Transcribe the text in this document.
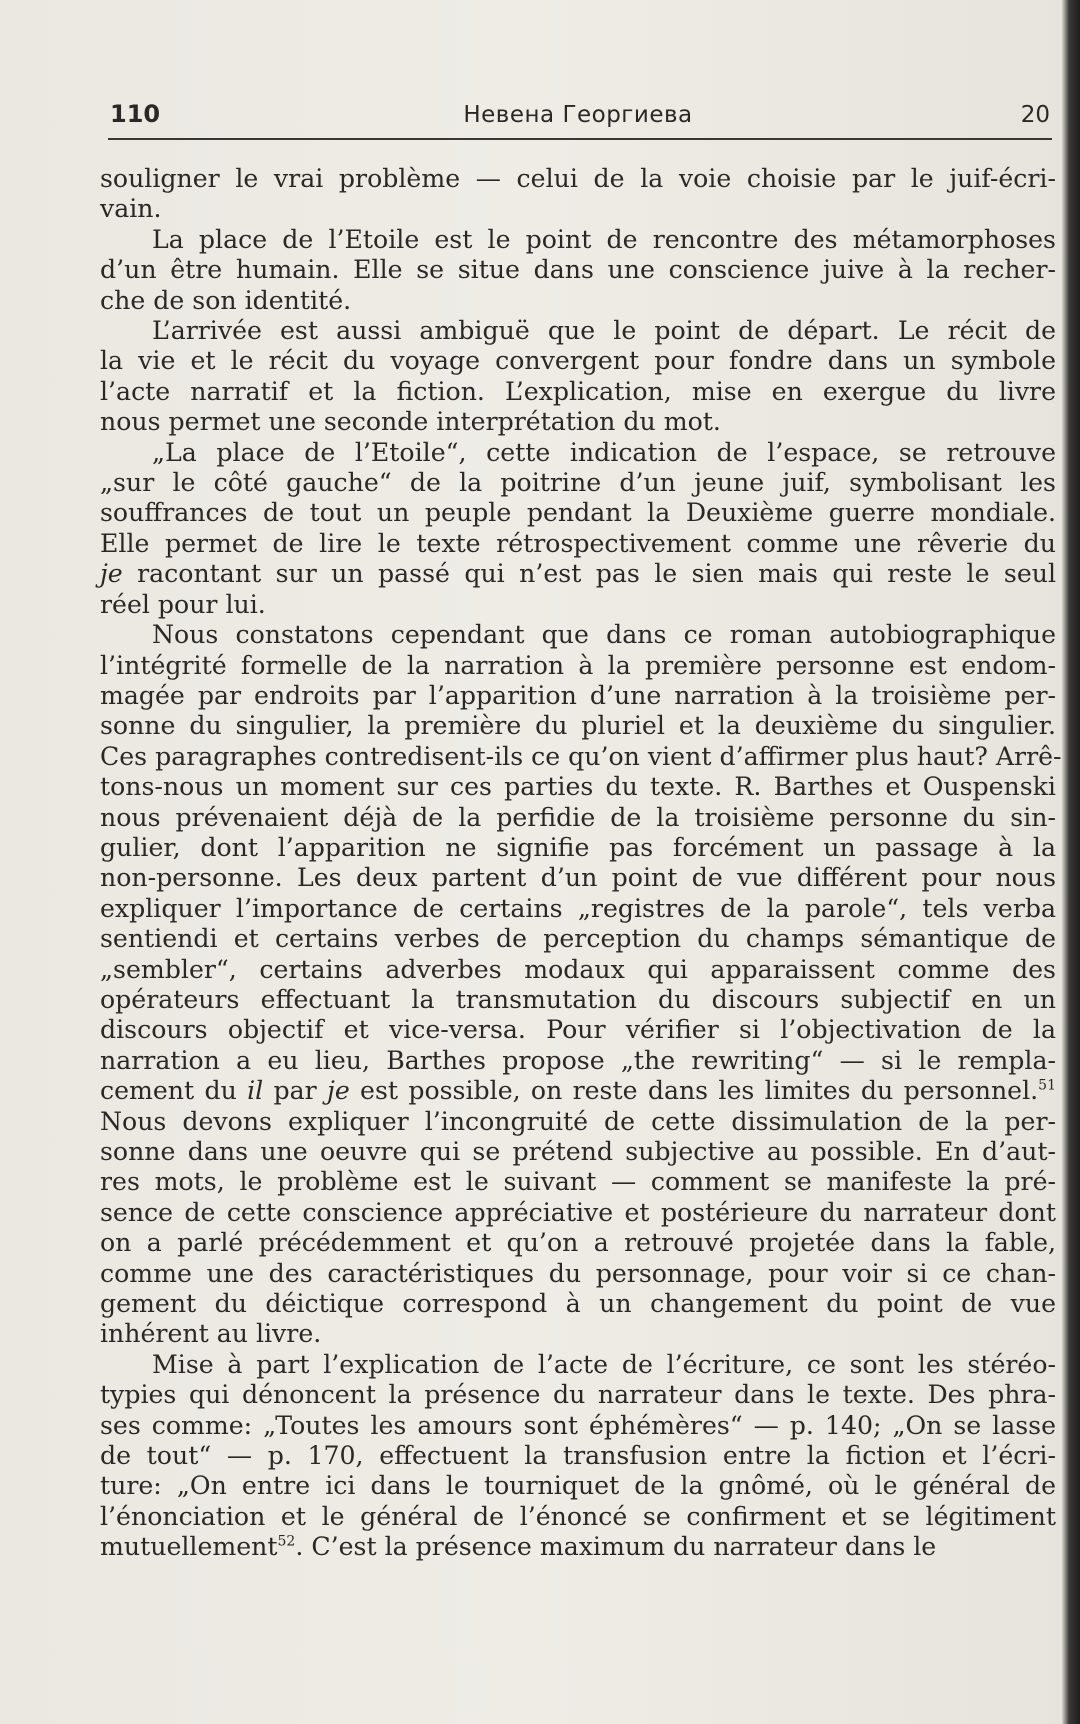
110	Невена Георгиева	20

souligner le vrai problème — celui de la voie choisie par le juif-écri-
vain.

La place de l’Etoile est le point de rencontre des métamorphoses
d’un être humain. Elle se situe dans une conscience juive à la recher-
che de son identité.

L’arrivée est aussi ambiguë que le point de départ. Le récit de
la vie et le récit du voyage convergent pour fondre dans un symbole
l’acte narratif et la fiction. L’explication, mise en exergue du livre
nous permet une seconde interprétation du mot.

„La place de l’Etoile“, cette indication de l’espace, se retrouve
„sur le côté gauche“ de la poitrine d’un jeune juif, symbolisant les
souffrances de tout un peuple pendant la Deuxième guerre mondiale.
Elle permet de lire le texte rétrospectivement comme une rêverie du
je racontant sur un passé qui n’est pas le sien mais qui reste le seul
réel pour lui.

Nous constatons cependant que dans ce roman autobiographique
l’intégrité formelle de la narration à la première personne est endom-
magée par endroits par l’apparition d’une narration à la troisième per-
sonne du singulier, la première du pluriel et la deuxième du singulier.
Ces paragraphes contredisent-ils ce qu’on vient d’affirmer plus haut? Arrê-
tons-nous un moment sur ces parties du texte. R. Barthes et Ouspenski
nous prévenaient déjà de la perfidie de la troisième personne du sin-
gulier, dont l’apparition ne signifie pas forcément un passage à la
non-personne. Les deux partent d’un point de vue différent pour nous
expliquer l’importance de certains „registres de la parole“, tels verba
sentiendi et certains verbes de perception du champs sémantique de
„sembler“, certains adverbes modaux qui apparaissent comme des
opérateurs effectuant la transmutation du discours subjectif en un
discours objectif et vice-versa. Pour vérifier si l’objectivation de la
narration a eu lieu, Barthes propose „the rewriting“ — si le rempla-
cement du il par je est possible, on reste dans les limites du personnel.$^{51}$
Nous devons expliquer l’incongruité de cette dissimulation de la per-
sonne dans une oeuvre qui se prétend subjective au possible. En d’aut-
res mots, le problème est le suivant — comment se manifeste la pré-
sence de cette conscience appréciative et postérieure du narrateur dont
on a parlé précédemment et qu’on a retrouvé projetée dans la fable,
comme une des caractéristiques du personnage, pour voir si ce chan-
gement du déictique correspond à un changement du point de vue
inhérent au livre.

Mise à part l’explication de l’acte de l’écriture, ce sont les stéréo-
typies qui dénoncent la présence du narrateur dans le texte. Des phra-
ses comme: „Toutes les amours sont éphémères“ — p. 140; „On se lasse
de tout“ — p. 170, effectuent la transfusion entre la fiction et l’écri-
ture: „On entre ici dans le tourniquet de la gnômé, où le général de
l’énonciation et le général de l’énoncé se confirment et se légitiment
mutuellement$^{52}$. C’est la présence maximum du narrateur dans le
